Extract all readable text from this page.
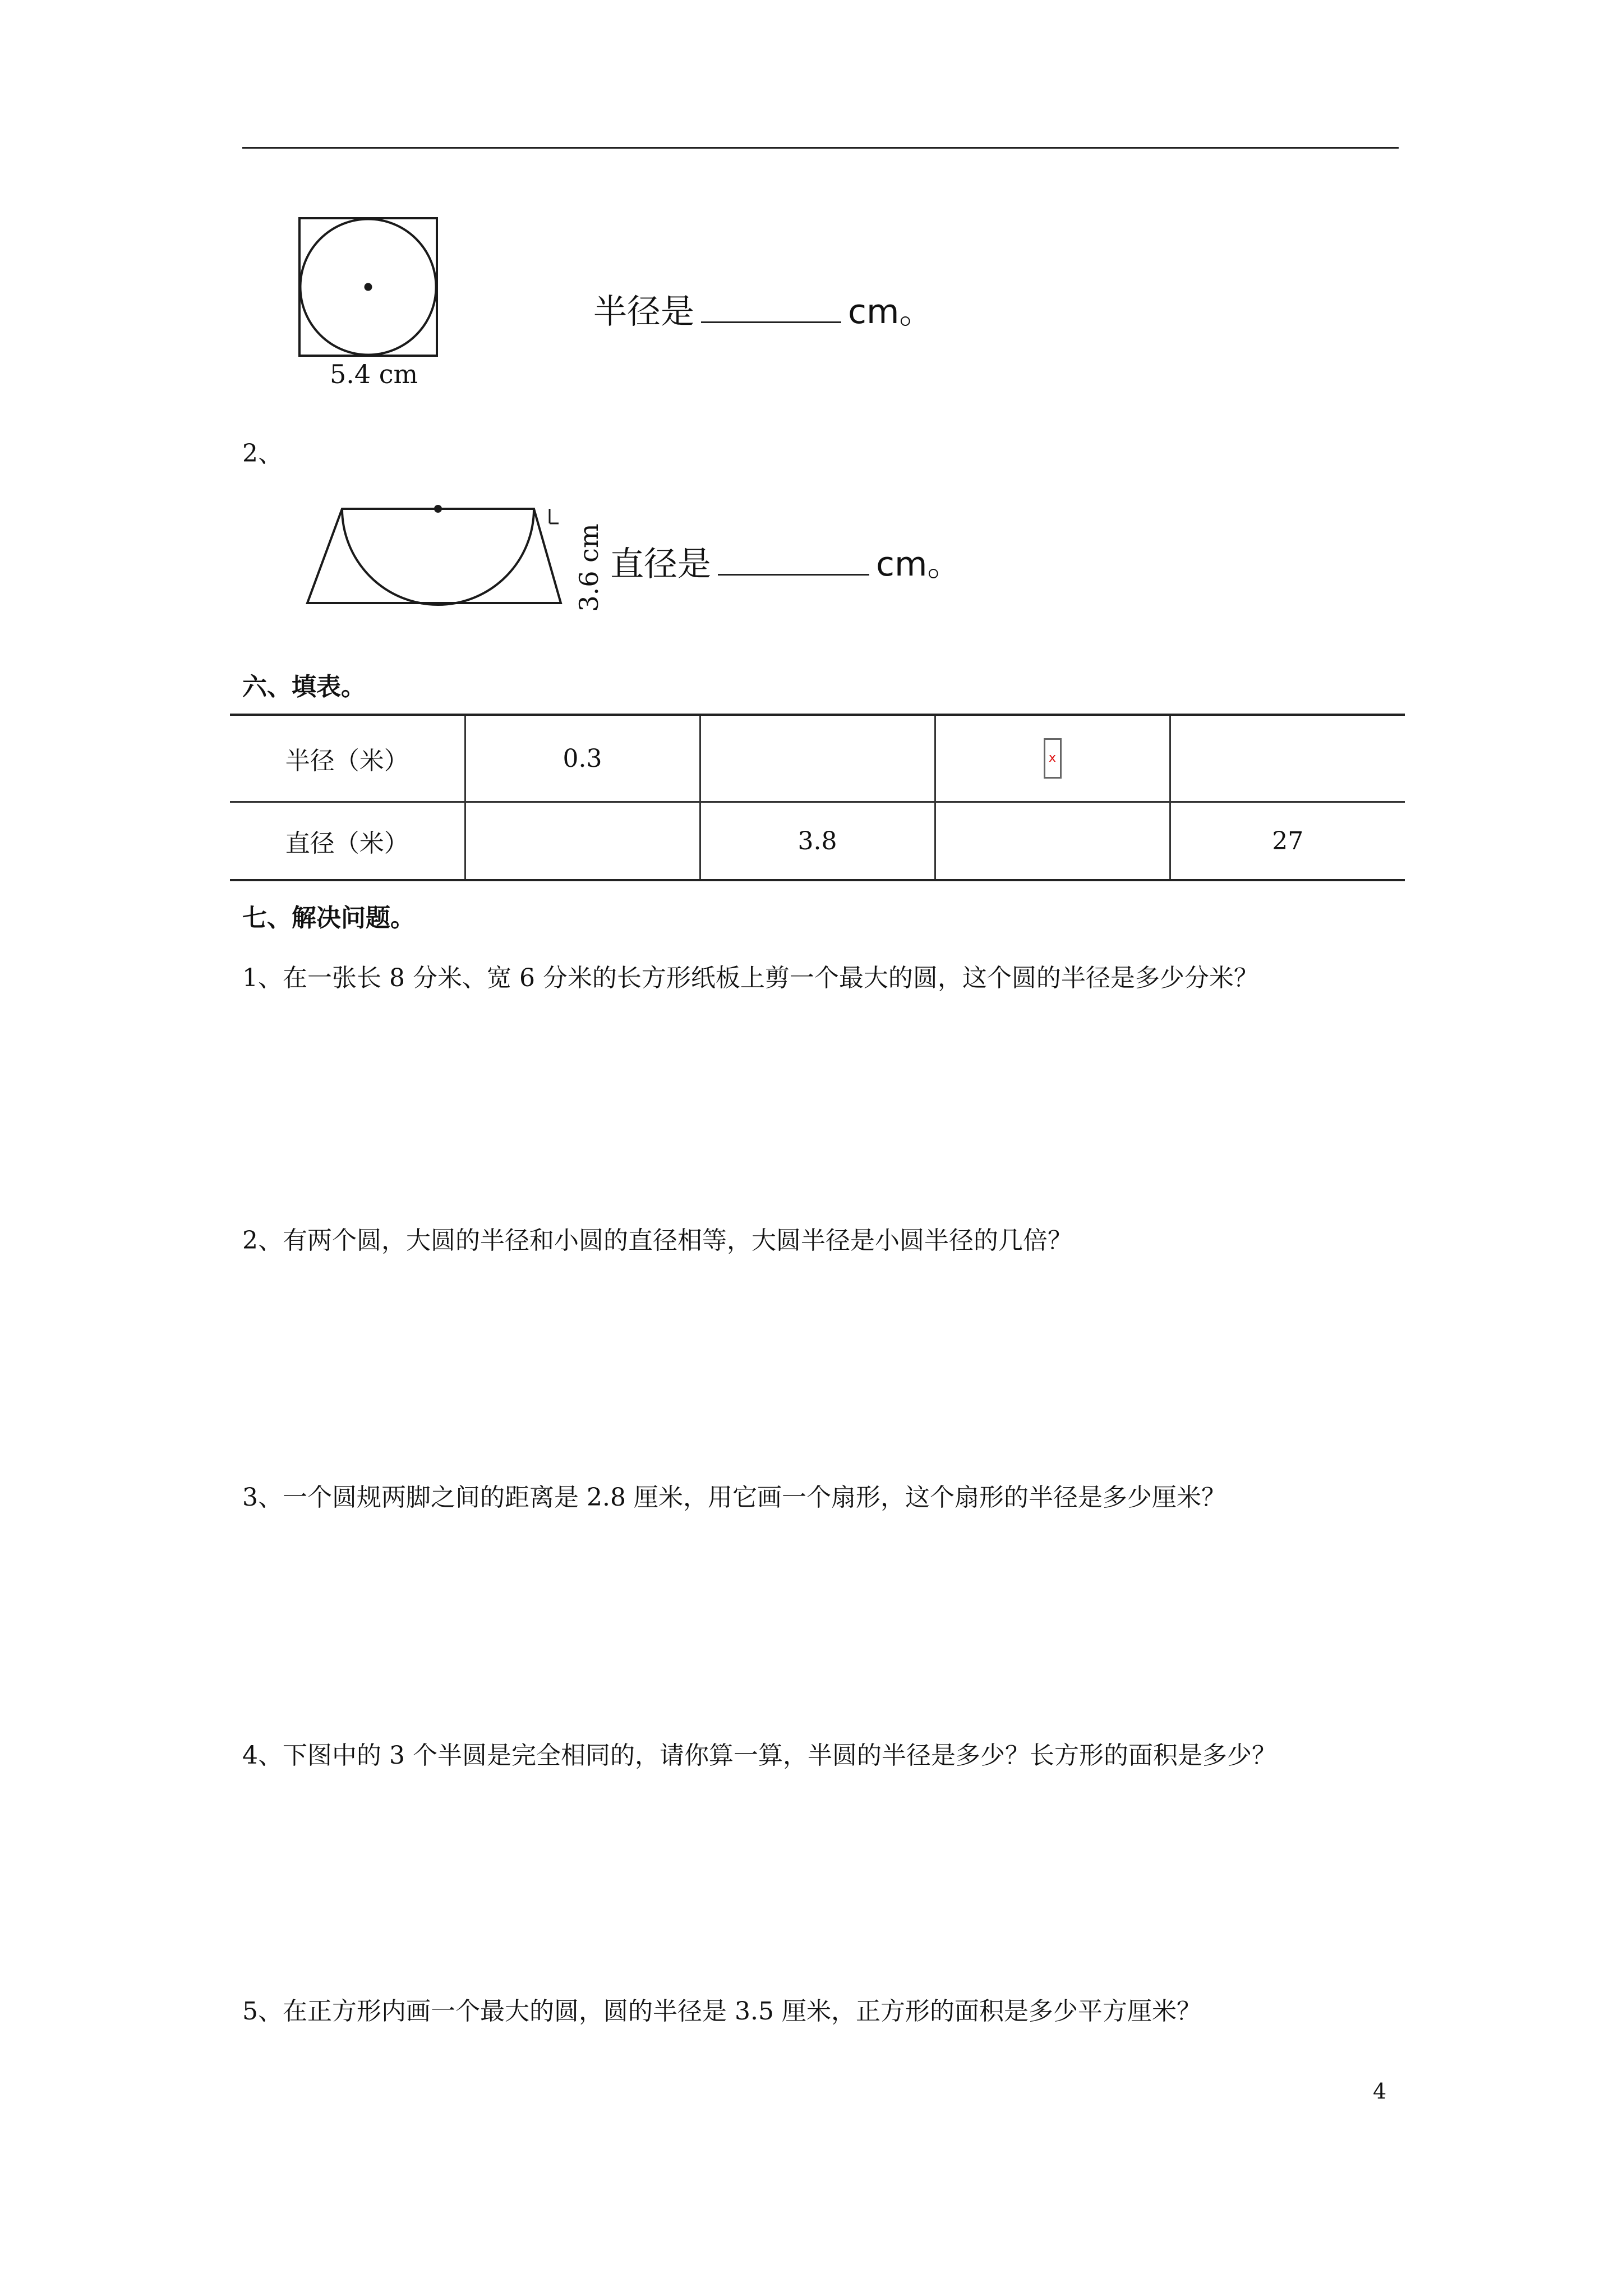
5.4 cm
半径是	cm。
2、
3.6 cm 直径是	cm。
六、填表。
半径（米）	0.3		x	
直径（米）		3.8		27
七、解决问题。
1、在一张长 8 分米、宽 6 分米的长方形纸板上剪一个最大的圆，这个圆的半径是多少分米？
2、有两个圆，大圆的半径和小圆的直径相等，大圆半径是小圆半径的几倍？
3、一个圆规两脚之间的距离是 2.8 厘米，用它画一个扇形，这个扇形的半径是多少厘米？
4、下图中的 3 个半圆是完全相同的，请你算一算，半圆的半径是多少？长方形的面积是多少？
5、在正方形内画一个最大的圆，圆的半径是 3.5 厘米，正方形的面积是多少平方厘米？
4
